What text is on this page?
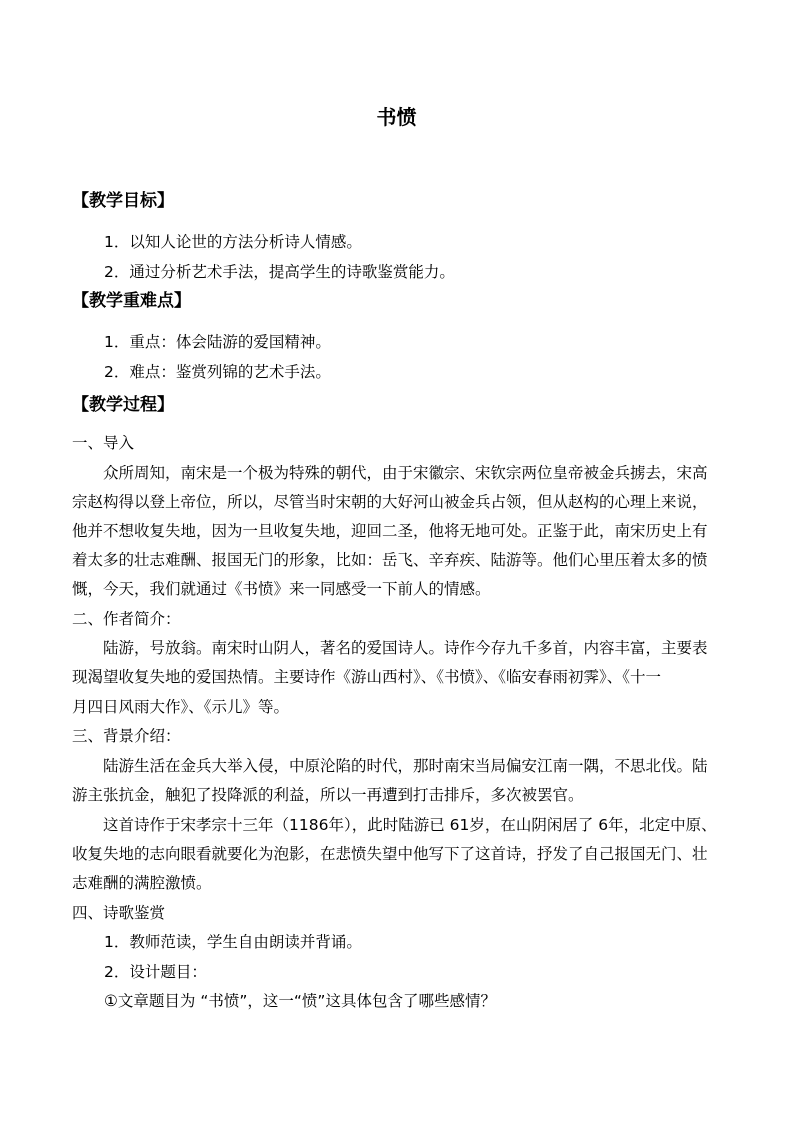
书愤
【教学目标】
1．以知人论世的方法分析诗人情感。
2．通过分析艺术手法，提高学生的诗歌鉴赏能力。
【教学重难点】
1．重点：体会陆游的爱国精神。
2．难点：鉴赏列锦的艺术手法。
【教学过程】
一、导入
　　众所周知，南宋是一个极为特殊的朝代，由于宋徽宗、宋钦宗两位皇帝被金兵掳去，宋高
宗赵构得以登上帝位，所以，尽管当时宋朝的大好河山被金兵占领，但从赵构的心理上来说，
他并不想收复失地，因为一旦收复失地，迎回二圣，他将无地可处。正鉴于此，南宋历史上有
着太多的壮志难酬、报国无门的形象，比如：岳飞、辛弃疾、陆游等。他们心里压着太多的愤
慨，今天，我们就通过《书愤》来一同感受一下前人的情感。
二、作者简介：
　　陆游，号放翁。南宋时山阴人，著名的爱国诗人。诗作今存九千多首，内容丰富，主要表
现渴望收复失地的爱国热情。主要诗作《游山西村》、《书愤》、《临安春雨初霁》、《十一
月四日风雨大作》、《示儿》等。
三、背景介绍：
　　陆游生活在金兵大举入侵，中原沦陷的时代，那时南宋当局偏安江南一隅，不思北伐。陆
游主张抗金，触犯了投降派的利益，所以一再遭到打击排斥，多次被罢官。
　　这首诗作于宋孝宗十三年（1186年），此时陆游已 61岁，在山阴闲居了 6年，北定中原、
收复失地的志向眼看就要化为泡影，在悲愤失望中他写下了这首诗，抒发了自己报国无门、壮
志难酬的满腔激愤。
四、诗歌鉴赏
1．教师范读，学生自由朗读并背诵。
2．设计题目：
①文章题目为 “书愤”，这一“愤”这具体包含了哪些感情？
